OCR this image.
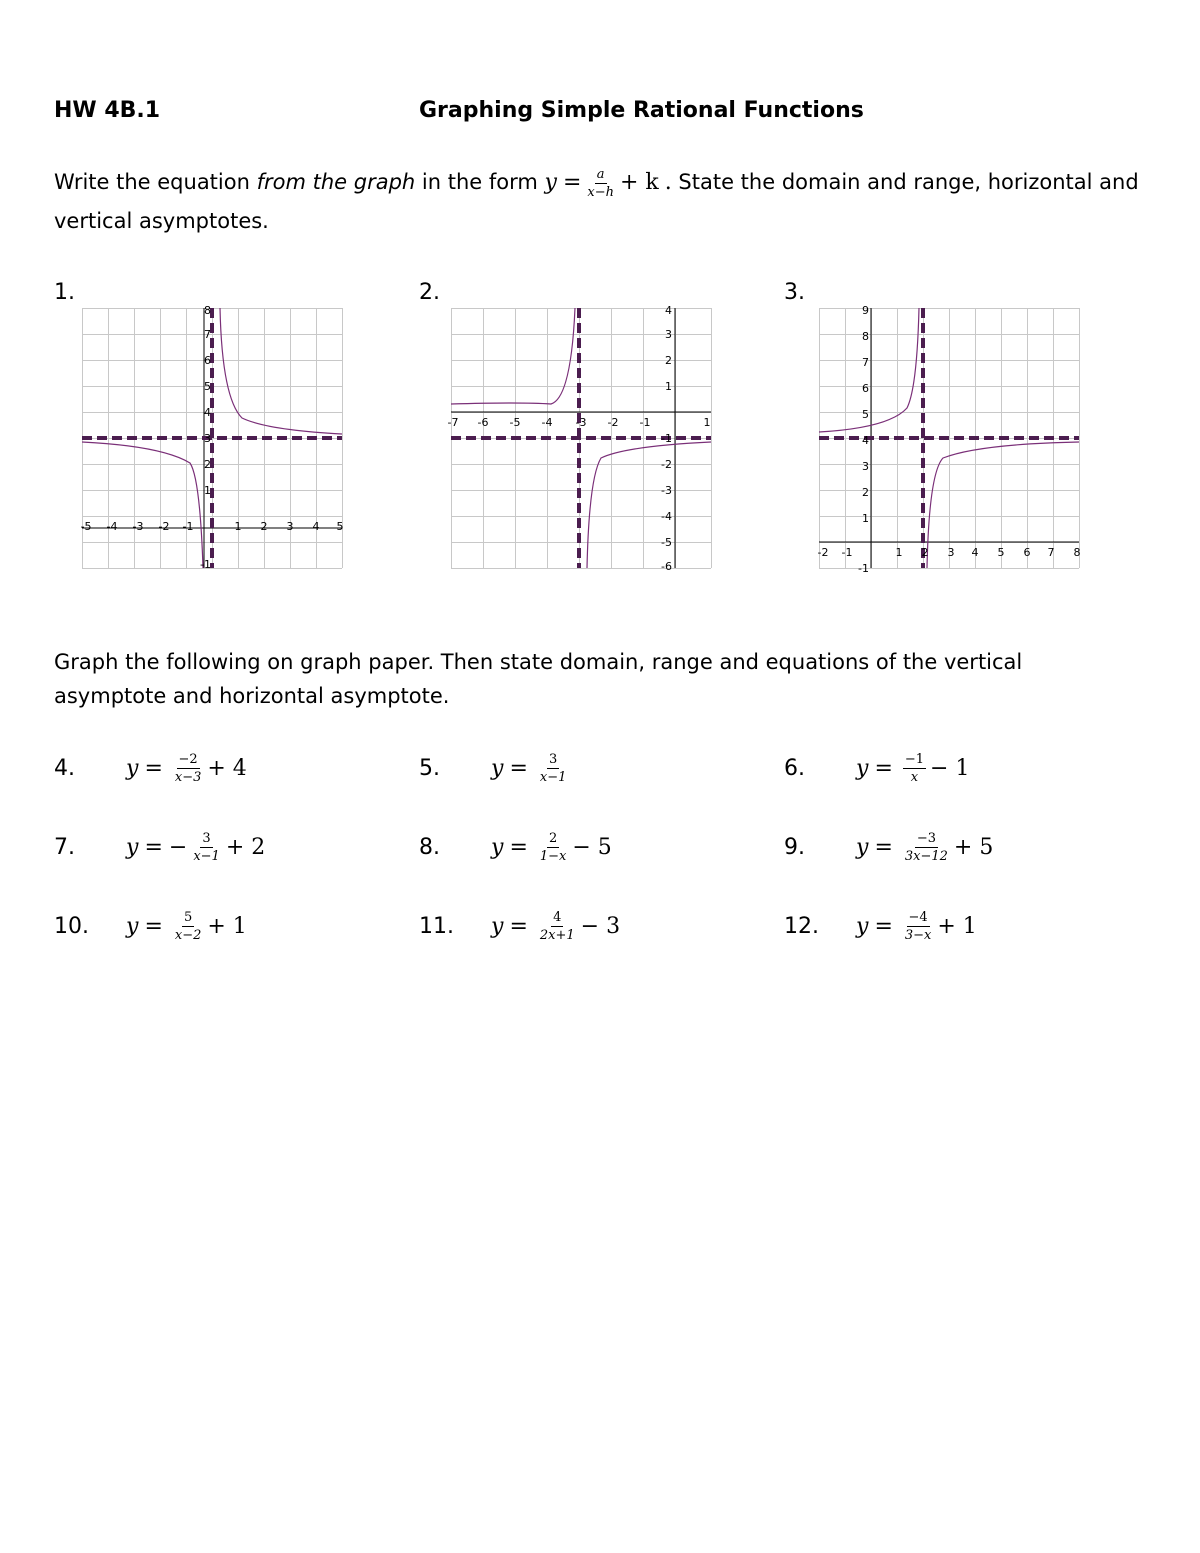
HW 4B.1	Graphing Simple Rational Functions
Write the equation from the graph in the form $y = \frac{a}{x-h} + k$ . State the domain and range, horizontal and vertical asymptotes.
1.	2.	3.
-5 -4 -3 -2 -1	1 2 3 4 5
8
7
6
5
4
3
2
1
-1
-7 -6 -5 -4 -3 -2 -1	1
4
3
2
1
-1
-2
-3
-4
-5
-6
-2 -1	1 2 3 4 5 6 7 8
9
8
7
6
5
4
3
2
1
-1
Graph the following on graph paper. Then state domain, range and equations of the vertical asymptote and horizontal asymptote.
4.	$y = \frac{-2}{x-3} + 4$	5.	$y = \frac{3}{x-1}$	6.	$y = \frac{-1}{x} - 1$
7.	y = − $\frac{3}{x-1} + 2$	8.	$y = \frac{2}{1-x} - 5$	9.	$y = \frac{-3}{3x-12} + 5$
10.	$y = \frac{5}{x-2} + 1$	11.	$y = \frac{4}{2x+1} - 3$	12.	$y = \frac{-4}{3-x} + 1$
